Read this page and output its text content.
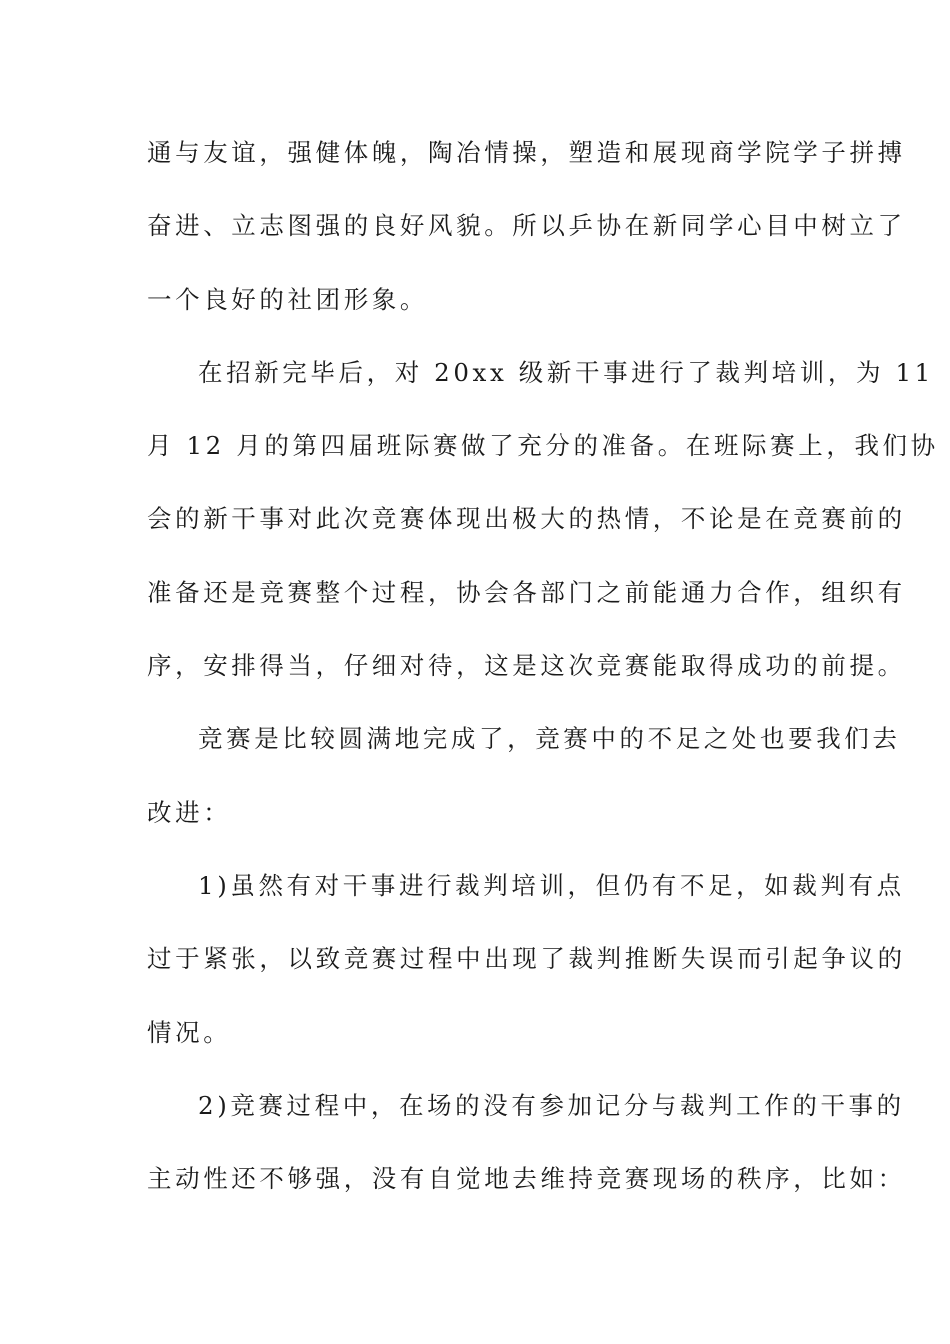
通与友谊，强健体魄，陶冶情操，塑造和展现商学院学子拼搏
奋进、立志图强的良好风貌。所以乒协在新同学心目中树立了
一个良好的社团形象。
在招新完毕后，对 20xx 级新干事进行了裁判培训，为 11
月 12 月的第四届班际赛做了充分的准备。在班际赛上，我们协
会的新干事对此次竞赛体现出极大的热情，不论是在竞赛前的
准备还是竞赛整个过程，协会各部门之前能通力合作，组织有
序，安排得当，仔细对待，这是这次竞赛能取得成功的前提。
竞赛是比较圆满地完成了，竞赛中的不足之处也要我们去
改进：
1)虽然有对干事进行裁判培训，但仍有不足，如裁判有点
过于紧张，以致竞赛过程中出现了裁判推断失误而引起争议的
情况。
2)竞赛过程中，在场的没有参加记分与裁判工作的干事的
主动性还不够强，没有自觉地去维持竞赛现场的秩序，比如：
